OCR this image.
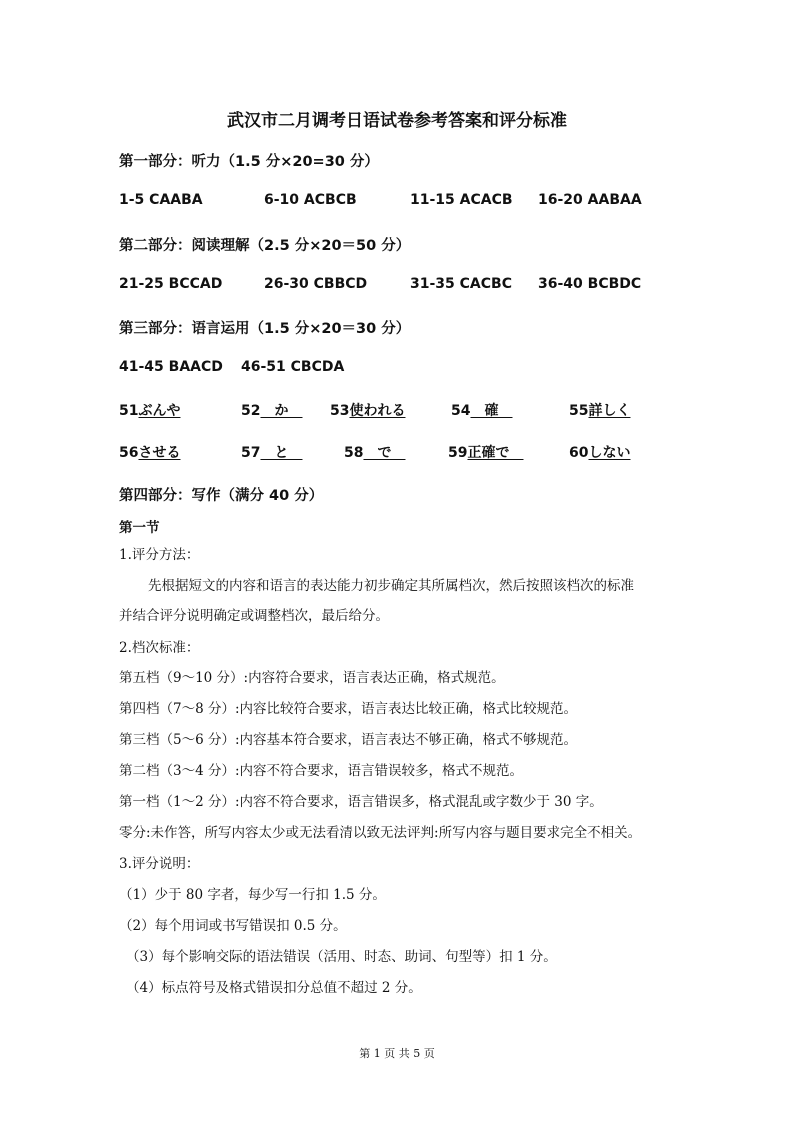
武汉市二月调考日语试卷参考答案和评分标准
第一部分：听力（1.5 分×20=30 分）
1-5 CAABA	6-10 ACBCB	11-15 ACACB 16-20 AABAA
第二部分：阅读理解（2.5 分×20＝50 分）
21-25 BCCAD	26-30 CBBCD	31-35 CACBC 36-40 BCBDC
第三部分：语言运用（1.5 分×20＝30 分）
41-45 BAACD 46-51 CBCDA
51ぶんや	52　か　 53使われる	54　確　	55詳しく
56させる	57　と　	58　で　	59正確で　	60しない
第四部分：写作（满分 40 分）
第一节
1.评分方法：
先根据短文的内容和语言的表达能力初步确定其所属档次，然后按照该档次的标准
并结合评分说明确定或调整档次，最后给分。
2.档次标准：
第五档（9～10 分）:内容符合要求，语言表达正确，格式规范。
第四档（7～8 分）:内容比较符合要求，语言表达比较正确，格式比较规范。
第三档（5～6 分）:内容基本符合要求，语言表达不够正确，格式不够规范。
第二档（3～4 分）:内容不符合要求，语言错误较多，格式不规范。
第一档（1～2 分）:内容不符合要求，语言错误多，格式混乱或字数少于 30 字。
零分:未作答，所写内容太少或无法看清以致无法评判:所写内容与题目要求完全不相关。
3.评分说明：
（1）少于 80 字者，每少写一行扣 1.5 分。
（2）每个用词或书写错误扣 0.5 分。
（3）每个影响交际的语法错误（活用、时态、助词、句型等）扣 1 分。
（4）标点符号及格式错误扣分总值不超过 2 分。
第 1 页 共 5 页
